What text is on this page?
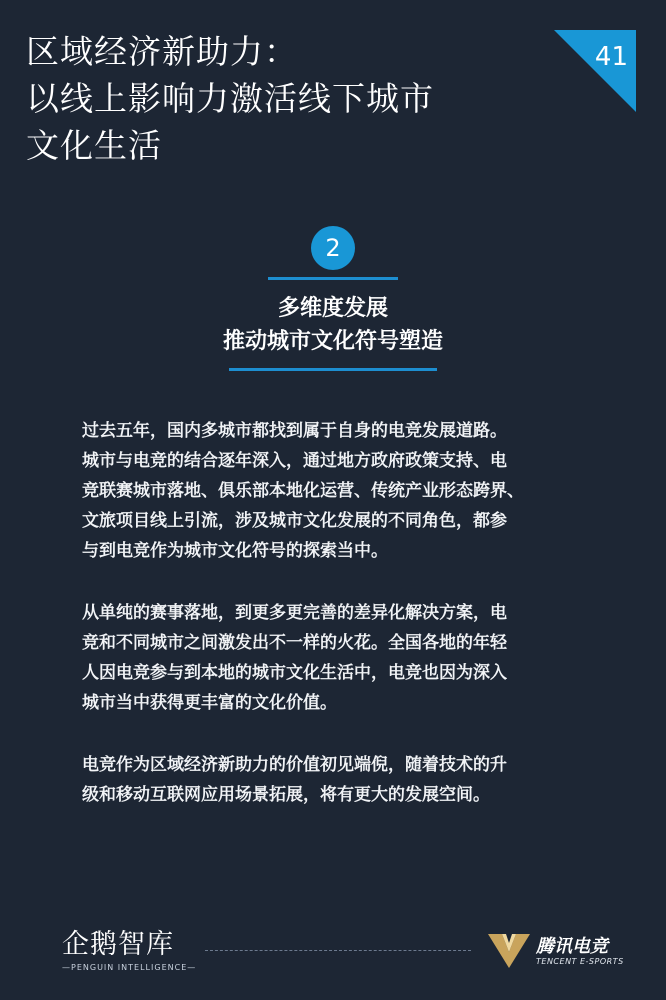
区域经济新助力：
以线上影响力激活线下城市
文化生活
41
2
多维度发展
推动城市文化符号塑造

过去五年，国内多城市都找到属于自身的电竞发展道路。
城市与电竞的结合逐年深入，通过地方政府政策支持、电
竞联赛城市落地、俱乐部本地化运营、传统产业形态跨界、
文旅项目线上引流，涉及城市文化发展的不同角色，都参
与到电竞作为城市文化符号的探索当中。

从单纯的赛事落地，到更多更完善的差异化解决方案，电
竞和不同城市之间激发出不一样的火花。全国各地的年轻
人因电竞参与到本地的城市文化生活中，电竞也因为深入
城市当中获得更丰富的文化价值。

电竞作为区域经济新助力的价值初见端倪，随着技术的升
级和移动互联网应用场景拓展，将有更大的发展空间。

企鹅智库
—PENGUIN INTELLIGENCE—
腾讯电竞
TENCENT E-SPORTS
